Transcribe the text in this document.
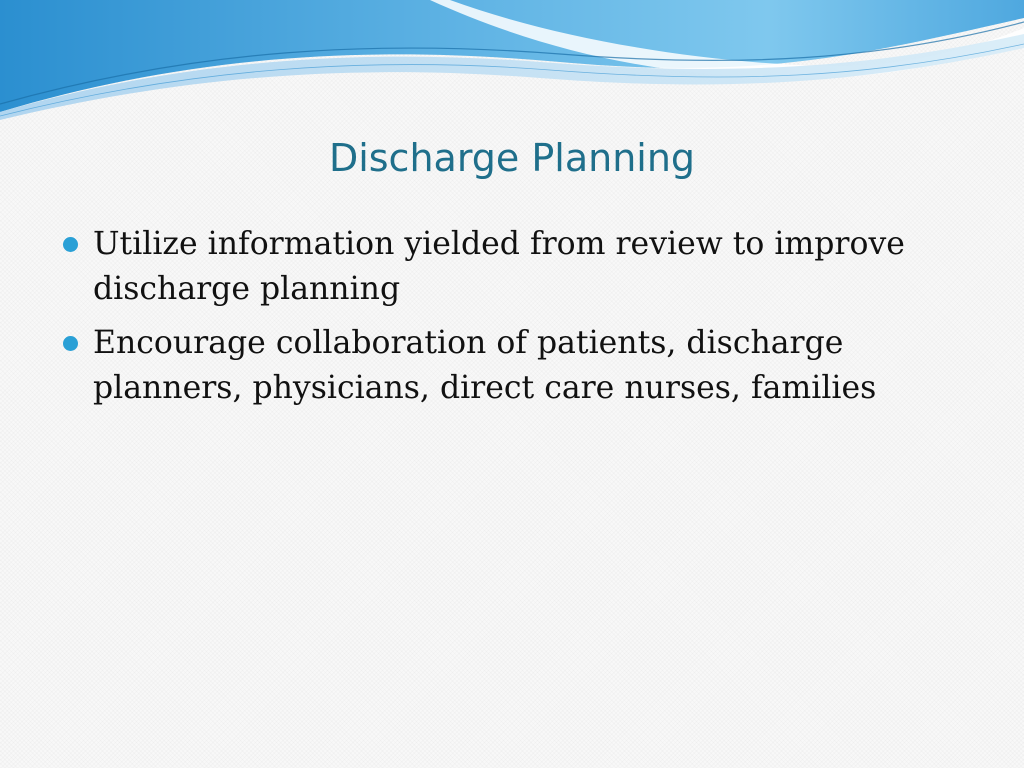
Discharge Planning
Utilize information yielded from review to improve discharge planning
Encourage collaboration of patients, discharge planners, physicians, direct care nurses, families
